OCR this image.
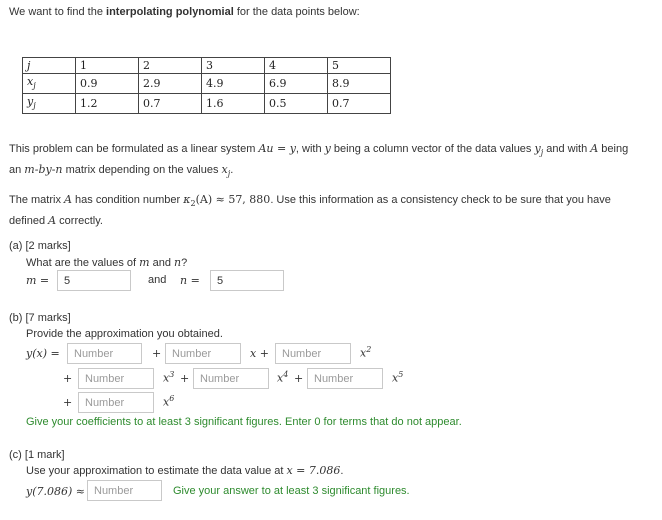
We want to find the interpolating polynomial for the data points below:
j	1	2	3	4	5
$x_j$	0.9	2.9	4.9	6.9	8.9
$y_j$	1.2	0.7	1.6	0.5	0.7
This problem can be formulated as a linear system Au = y, with y being a column vector of the data values $y_j$ and with A being
an m-by-n matrix depending on the values $x_j$.
The matrix A has condition number $\kappa_2(A) \approx 57$, 880. Use this information as a consistency check to be sure that you have
defined A correctly.
(a) [2 marks]
What are the values of m and n?
m =
5	and n =
5
(b) [7 marks]
Provide the approximation you obtained.
y(x) =
Number	+
Number	x +
Number	$x^2$
+
Number	$x^3$ +
Number	$x^4$ +
Number	$x^5$
+
Number	$x^6$
Give your coefficients to at least 3 significant figures. Enter 0 for terms that do not appear.
(c) [1 mark]
Use your approximation to estimate the data value at x = 7.086.
y(7.086) ≈
Number	Give your answer to at least 3 significant figures.
